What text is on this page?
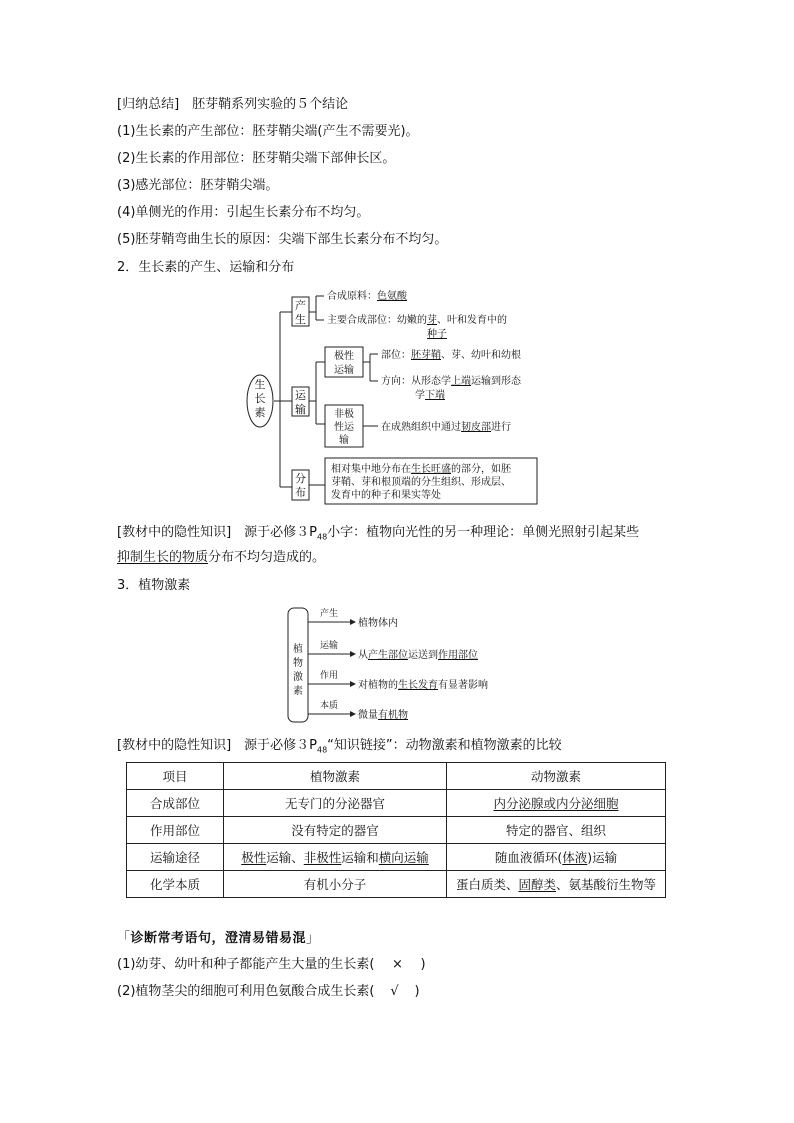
[归纳总结]　胚芽鞘系列实验的５个结论
(1)生长素的产生部位：胚芽鞘尖端(产生不需要光)。
(2)生长素的作用部位：胚芽鞘尖端下部伸长区。
(3)感光部位：胚芽鞘尖端。
(4)单侧光的作用：引起生长素分布不均匀。
(5)胚芽鞘弯曲生长的原因：尖端下部生长素分布不均匀。
2．生长素的产生、运输和分布
生
长
素
产
生
合成原料：色氨酸
主要合成部位：幼嫩的芽、叶和发育中的
种子
运
输
极性
运输
部位：胚芽鞘、芽、幼叶和幼根
方向：从形态学上端运输到形态
学下端
非极
性运
输
在成熟组织中通过韧皮部进行
分
布
相对集中地分布在生长旺盛的部分，如胚
芽鞘、芽和根顶端的分生组织、形成层、
发育中的种子和果实等处
[教材中的隐性知识]　源于必修$3P_{48}$小字：植物向光性的另一种理论：单侧光照射引起某些
抑制生长的物质分布不均匀造成的。
3．植物激素
植
物
激
素
产生
运输
作用
本质
植物体内
从产生部位运送到作用部位
对植物的生长发育有显著影响
微量有机物
[教材中的隐性知识]　源于必修$3P_{48}“$知识链接”：动物激素和植物激素的比较
项目	植物激素	动物激素
合成部位	无专门的分泌器官	内分泌腺或内分泌细胞
作用部位	没有特定的器官	特定的器官、组织
运输途径	极性运输、非极性运输和横向运输	随血液循环(体液)运输
化学本质	有机小分子	蛋白质类、固醇类、氨基酸衍生物等
「诊断常考语句，澄清易错易混」
(1)幼芽、幼叶和种子都能产生大量的生长素( × )
(2)植物茎尖的细胞可利用色氨酸合成生长素( √ )
